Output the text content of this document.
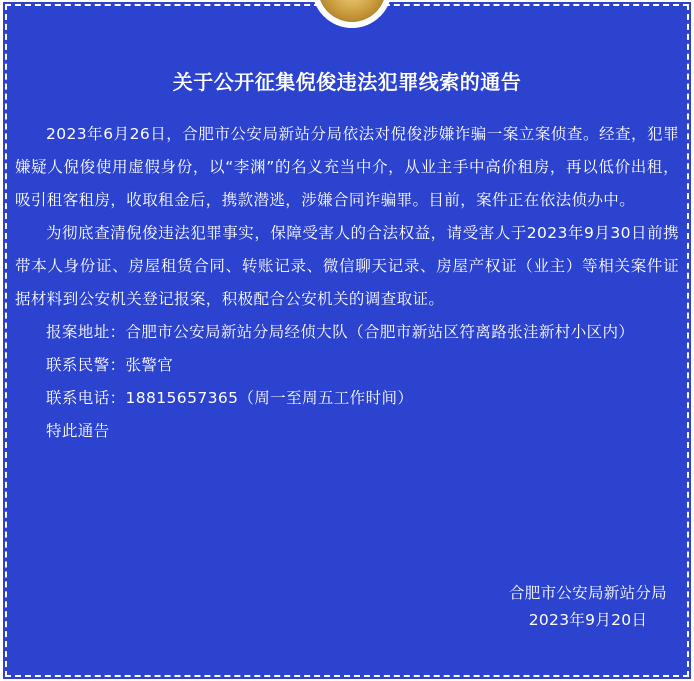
关于公开征集倪俊违法犯罪线索的通告

2023年6月26日，合肥市公安局新站分局依法对倪俊涉嫌诈骗一案立案侦查。经查，犯罪嫌疑人倪俊使用虚假身份，以“李渊”的名义充当中介，从业主手中高价租房，再以低价出租，吸引租客租房，收取租金后，携款潜逃，涉嫌合同诈骗罪。目前，案件正在依法侦办中。

为彻底查清倪俊违法犯罪事实，保障受害人的合法权益，请受害人于2023年9月30日前携带本人身份证、房屋租赁合同、转账记录、微信聊天记录、房屋产权证（业主）等相关案件证据材料到公安机关登记报案，积极配合公安机关的调查取证。

报案地址：合肥市公安局新站分局经侦大队（合肥市新站区符离路张洼新村小区内）

联系民警：张警官

联系电话：18815657365（周一至周五工作时间）

特此通告

合肥市公安局新站分局
2023年9月20日
